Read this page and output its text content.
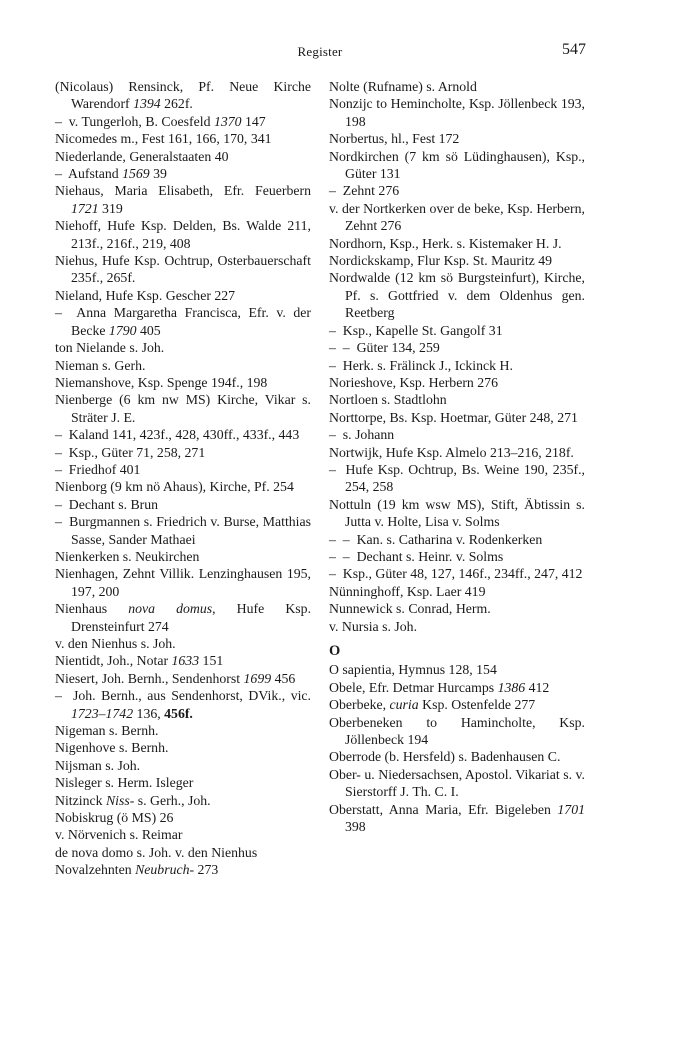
Register	547
(Nicolaus) Rensinck, Pf. Neue Kirche Warendorf 1394 262f.
–  v. Tungerloh, B. Coesfeld 1370 147
Nicomedes m., Fest 161, 166, 170, 341
Niederlande, Generalstaaten 40
–  Aufstand 1569 39
Niehaus, Maria Elisabeth, Efr. Feuerbern 1721 319
Niehoff, Hufe Ksp. Delden, Bs. Walde 211, 213f., 216f., 219, 408
Niehus, Hufe Ksp. Ochtrup, Osterbauerschaft 235f., 265f.
Nieland, Hufe Ksp. Gescher 227
–  Anna Margaretha Francisca, Efr. v. der Becke 1790 405
ton Nielande s. Joh.
Nieman s. Gerh.
Niemanshove, Ksp. Spenge 194f., 198
Nienberge (6 km nw MS) Kirche, Vikar s. Sträter J. E.
–  Kaland 141, 423f., 428, 430ff., 433f., 443
–  Ksp., Güter 71, 258, 271
–  Friedhof 401
Nienborg (9 km nö Ahaus), Kirche, Pf. 254
–  Dechant s. Brun
–  Burgmannen s. Friedrich v. Burse, Matthias Sasse, Sander Mathaei
Nienkerken s. Neukirchen
Nienhagen, Zehnt Villik. Lenzinghausen 195, 197, 200
Nienhaus nova domus, Hufe Ksp. Drensteinfurt 274
v. den Nienhus s. Joh.
Nientidt, Joh., Notar 1633 151
Niesert, Joh. Bernh., Sendenhorst 1699 456
–  Joh. Bernh., aus Sendenhorst, DVik., vic. 1723–1742 136, 456f.
Nigeman s. Bernh.
Nigenhove s. Bernh.
Nijsman s. Joh.
Nisleger s. Herm. Isleger
Nitzinck Niss- s. Gerh., Joh.
Nobiskrug (ö MS) 26
v. Nörvenich s. Reimar
de nova domo s. Joh. v. den Nienhus
Novalzehnten Neubruch- 273
Nolte (Rufname) s. Arnold
Nonzijc to Hemincholte, Ksp. Jöllenbeck 193, 198
Norbertus, hl., Fest 172
Nordkirchen (7 km sö Lüdinghausen), Ksp., Güter 131
–  Zehnt 276
v. der Nortkerken over de beke, Ksp. Herbern, Zehnt 276
Nordhorn, Ksp., Herk. s. Kistemaker H. J.
Nordickskamp, Flur Ksp. St. Mauritz 49
Nordwalde (12 km sö Burgsteinfurt), Kirche, Pf. s. Gottfried v. dem Oldenhus gen. Reetberg
–  Ksp., Kapelle St. Gangolf 31
–  –  Güter 134, 259
–  Herk. s. Frälinck J., Ickinck H.
Norieshove, Ksp. Herbern 276
Nortloen s. Stadtlohn
Norttorpe, Bs. Ksp. Hoetmar, Güter 248, 271
–  s. Johann
Nortwijk, Hufe Ksp. Almelo 213–216, 218f.
–  Hufe Ksp. Ochtrup, Bs. Weine 190, 235f., 254, 258
Nottuln (19 km wsw MS), Stift, Äbtissin s. Jutta v. Holte, Lisa v. Solms
–  –  Kan. s. Catharina v. Rodenkerken
–  –  Dechant s. Heinr. v. Solms
–  Ksp., Güter 48, 127, 146f., 234ff., 247, 412
Nünninghoff, Ksp. Laer 419
Nunnewick s. Conrad, Herm.
v. Nursia s. Joh.
O
O sapientia, Hymnus 128, 154
Obele, Efr. Detmar Hurcamps 1386 412
Oberbeke, curia Ksp. Ostenfelde 277
Oberbeneken to Hamincholte, Ksp. Jöllenbeck 194
Oberrode (b. Hersfeld) s. Badenhausen C.
Ober- u. Niedersachsen, Apostol. Vikariat s. v. Sierstorff J. Th. C. I.
Oberstatt, Anna Maria, Efr. Bigeleben 1701 398
